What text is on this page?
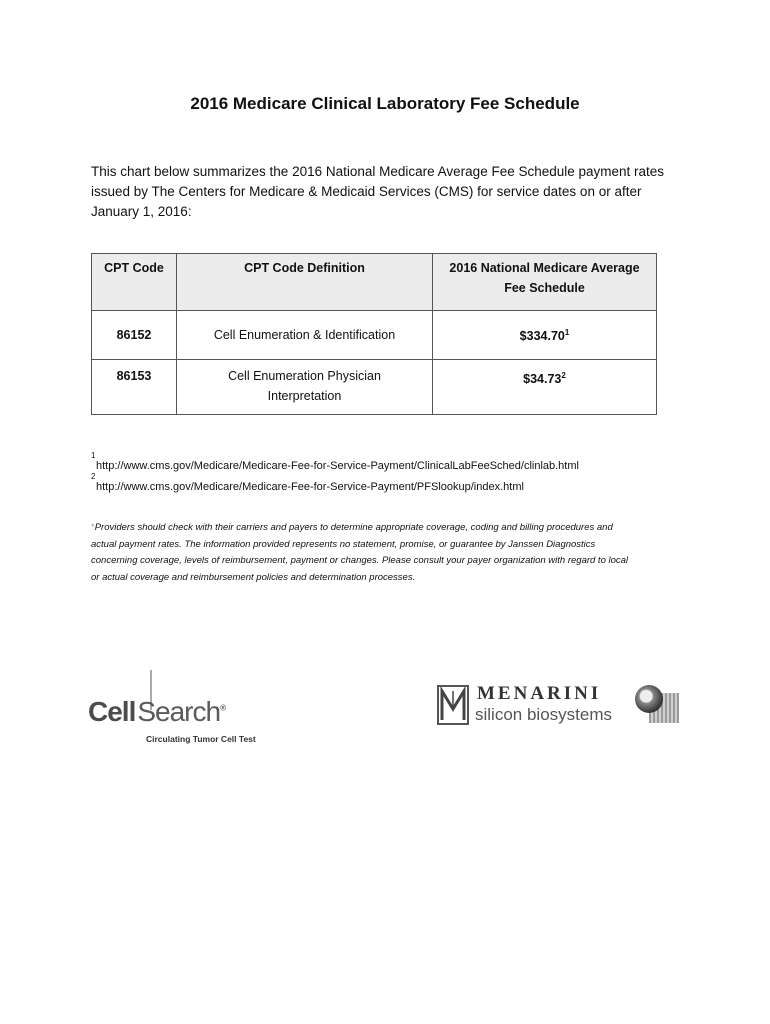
2016 Medicare Clinical Laboratory Fee Schedule
This chart below summarizes the 2016 National Medicare Average Fee Schedule payment rates
issued by The Centers for Medicare & Medicaid Services (CMS) for service dates on or after
January 1, 2016:
CPT Code	CPT Code Definition	2016 National Medicare Average
Fee Schedule
86152	Cell Enumeration & Identification	$334.70$^1$
86153	Cell Enumeration Physician
Interpretation	$34.73$^2$
1
http://www.cms.gov/Medicare/Medicare-Fee-for-Service-Payment/ClinicalLabFeeSched/clinlab.html
2
http://www.cms.gov/Medicare/Medicare-Fee-for-Service-Payment/PFSlookup/index.html
*Providers should check with their carriers and payers to determine appropriate coverage, coding and billing procedures and
actual payment rates. The information provided represents no statement, promise, or guarantee by Janssen Diagnostics
concerning coverage, levels of reimbursement, payment or changes. Please consult your payer organization with regard to local
or actual coverage and reimbursement policies and determination processes.
CellSearch®
Circulating Tumor Cell Test
MENARINI
silicon biosystems
